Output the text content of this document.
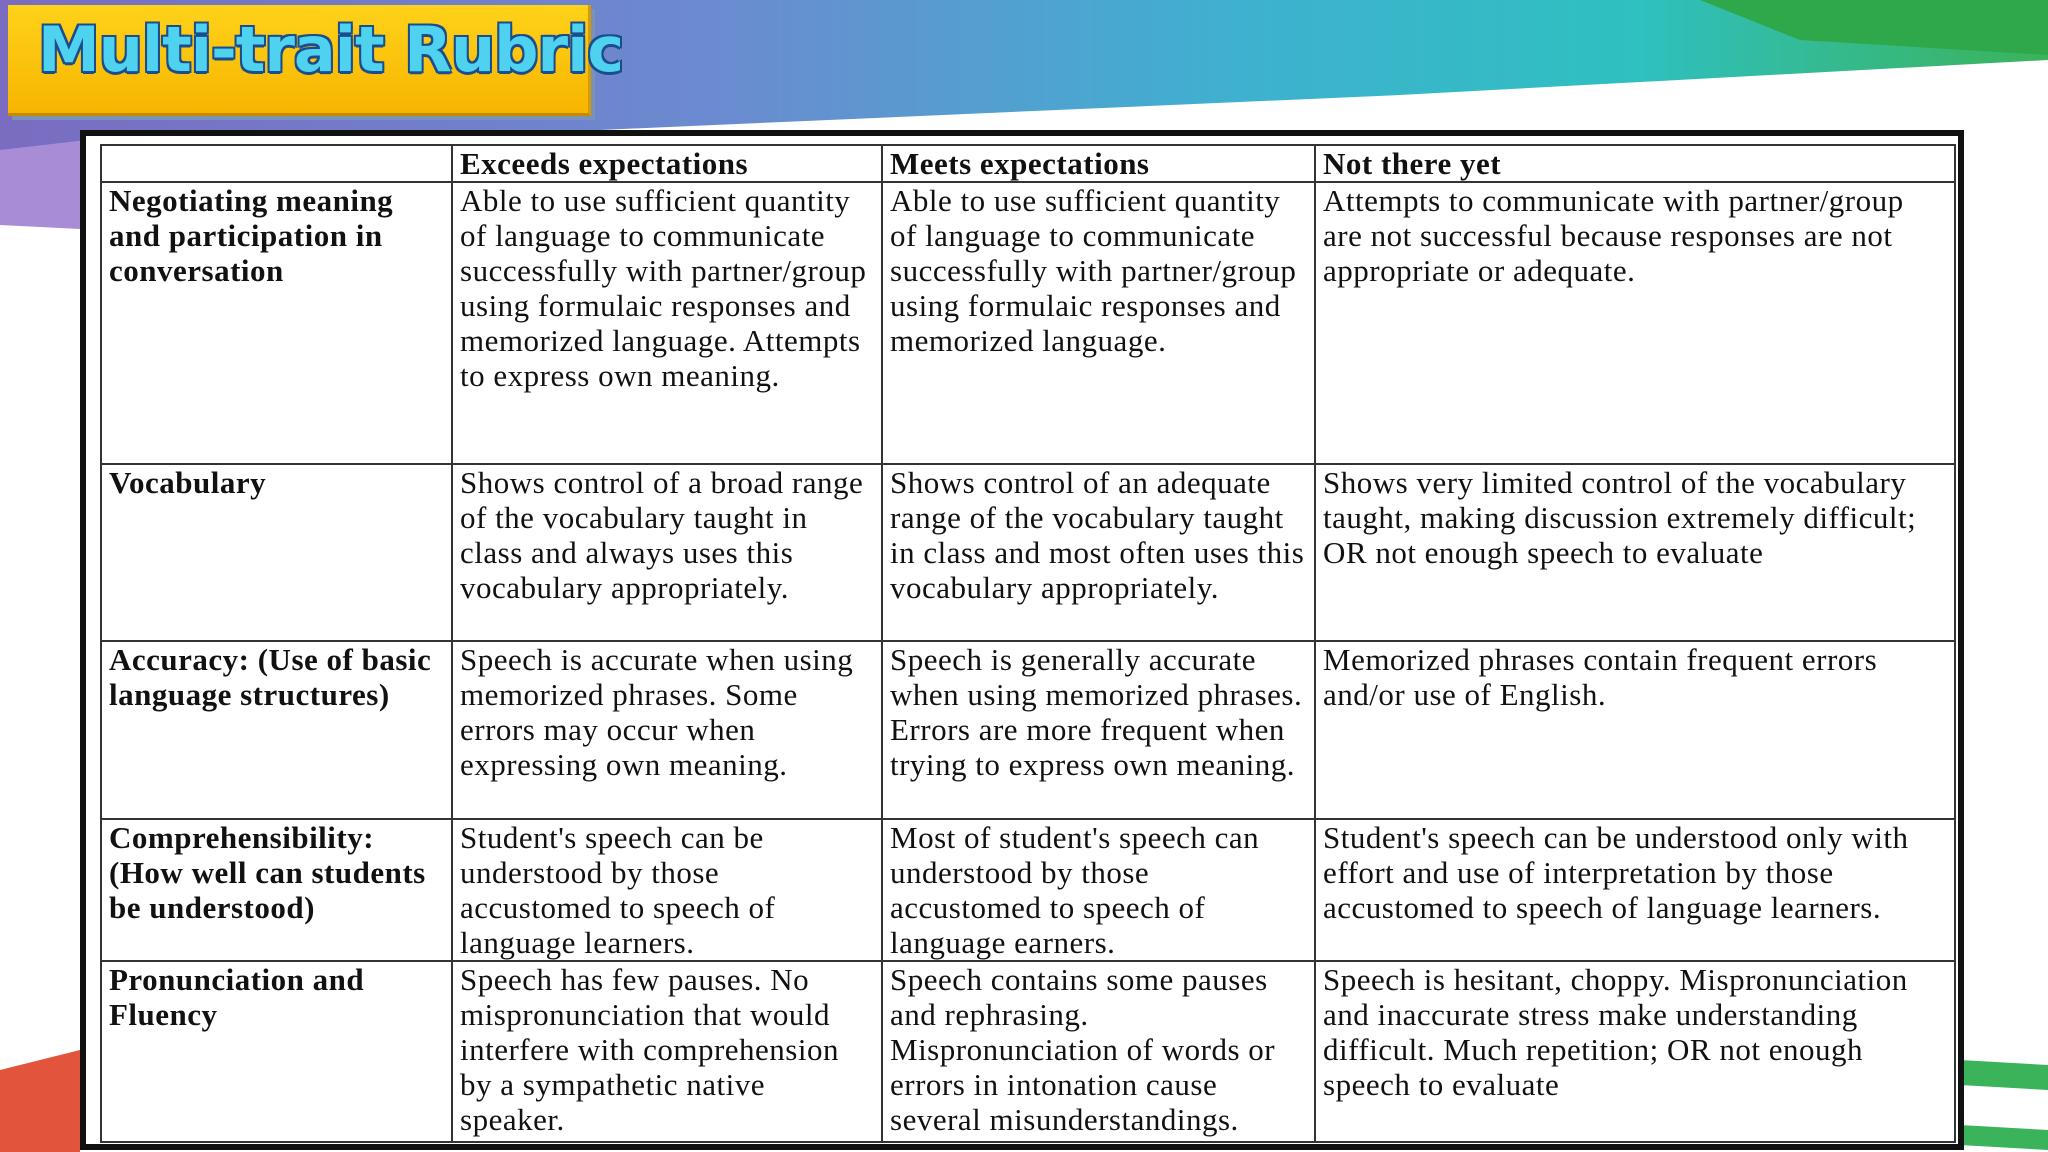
Multi-trait Rubric
	Exceeds expectations	Meets expectations	Not there yet
Negotiating meaning and participation in conversation	Able to use sufficient quantity of language to communicate successfully with partner/group using formulaic responses and memorized language. Attempts to express own meaning.	Able to use sufficient quantity of language to communicate successfully with partner/group using formulaic responses and memorized language.	Attempts to communicate with partner/group are not successful because responses are not appropriate or adequate.
Vocabulary	Shows control of a broad range of the vocabulary taught in class and always uses this vocabulary appropriately.	Shows control of an adequate range of the vocabulary taught in class and most often uses this vocabulary appropriately.	Shows very limited control of the vocabulary taught, making discussion extremely difficult; OR not enough speech to evaluate
Accuracy: (Use of basic language structures)	Speech is accurate when using memorized phrases. Some errors may occur when expressing own meaning.	Speech is generally accurate when using memorized phrases. Errors are more frequent when trying to express own meaning.	Memorized phrases contain frequent errors and/or use of English.
Comprehensibility: (How well can students be understood)	Student's speech can be understood by those accustomed to speech of language learners.	Most of student's speech can understood by those accustomed to speech of language earners.	Student's speech can be understood only with effort and use of interpretation by those accustomed to speech of language learners.
Pronunciation and Fluency	Speech has few pauses. No mispronunciation that would interfere with comprehension by a sympathetic native speaker.	Speech contains some pauses and rephrasing. Mispronunciation of words or errors in intonation cause several misunderstandings.	Speech is hesitant, choppy. Mispronunciation and inaccurate stress make understanding difficult. Much repetition; OR not enough speech to evaluate
